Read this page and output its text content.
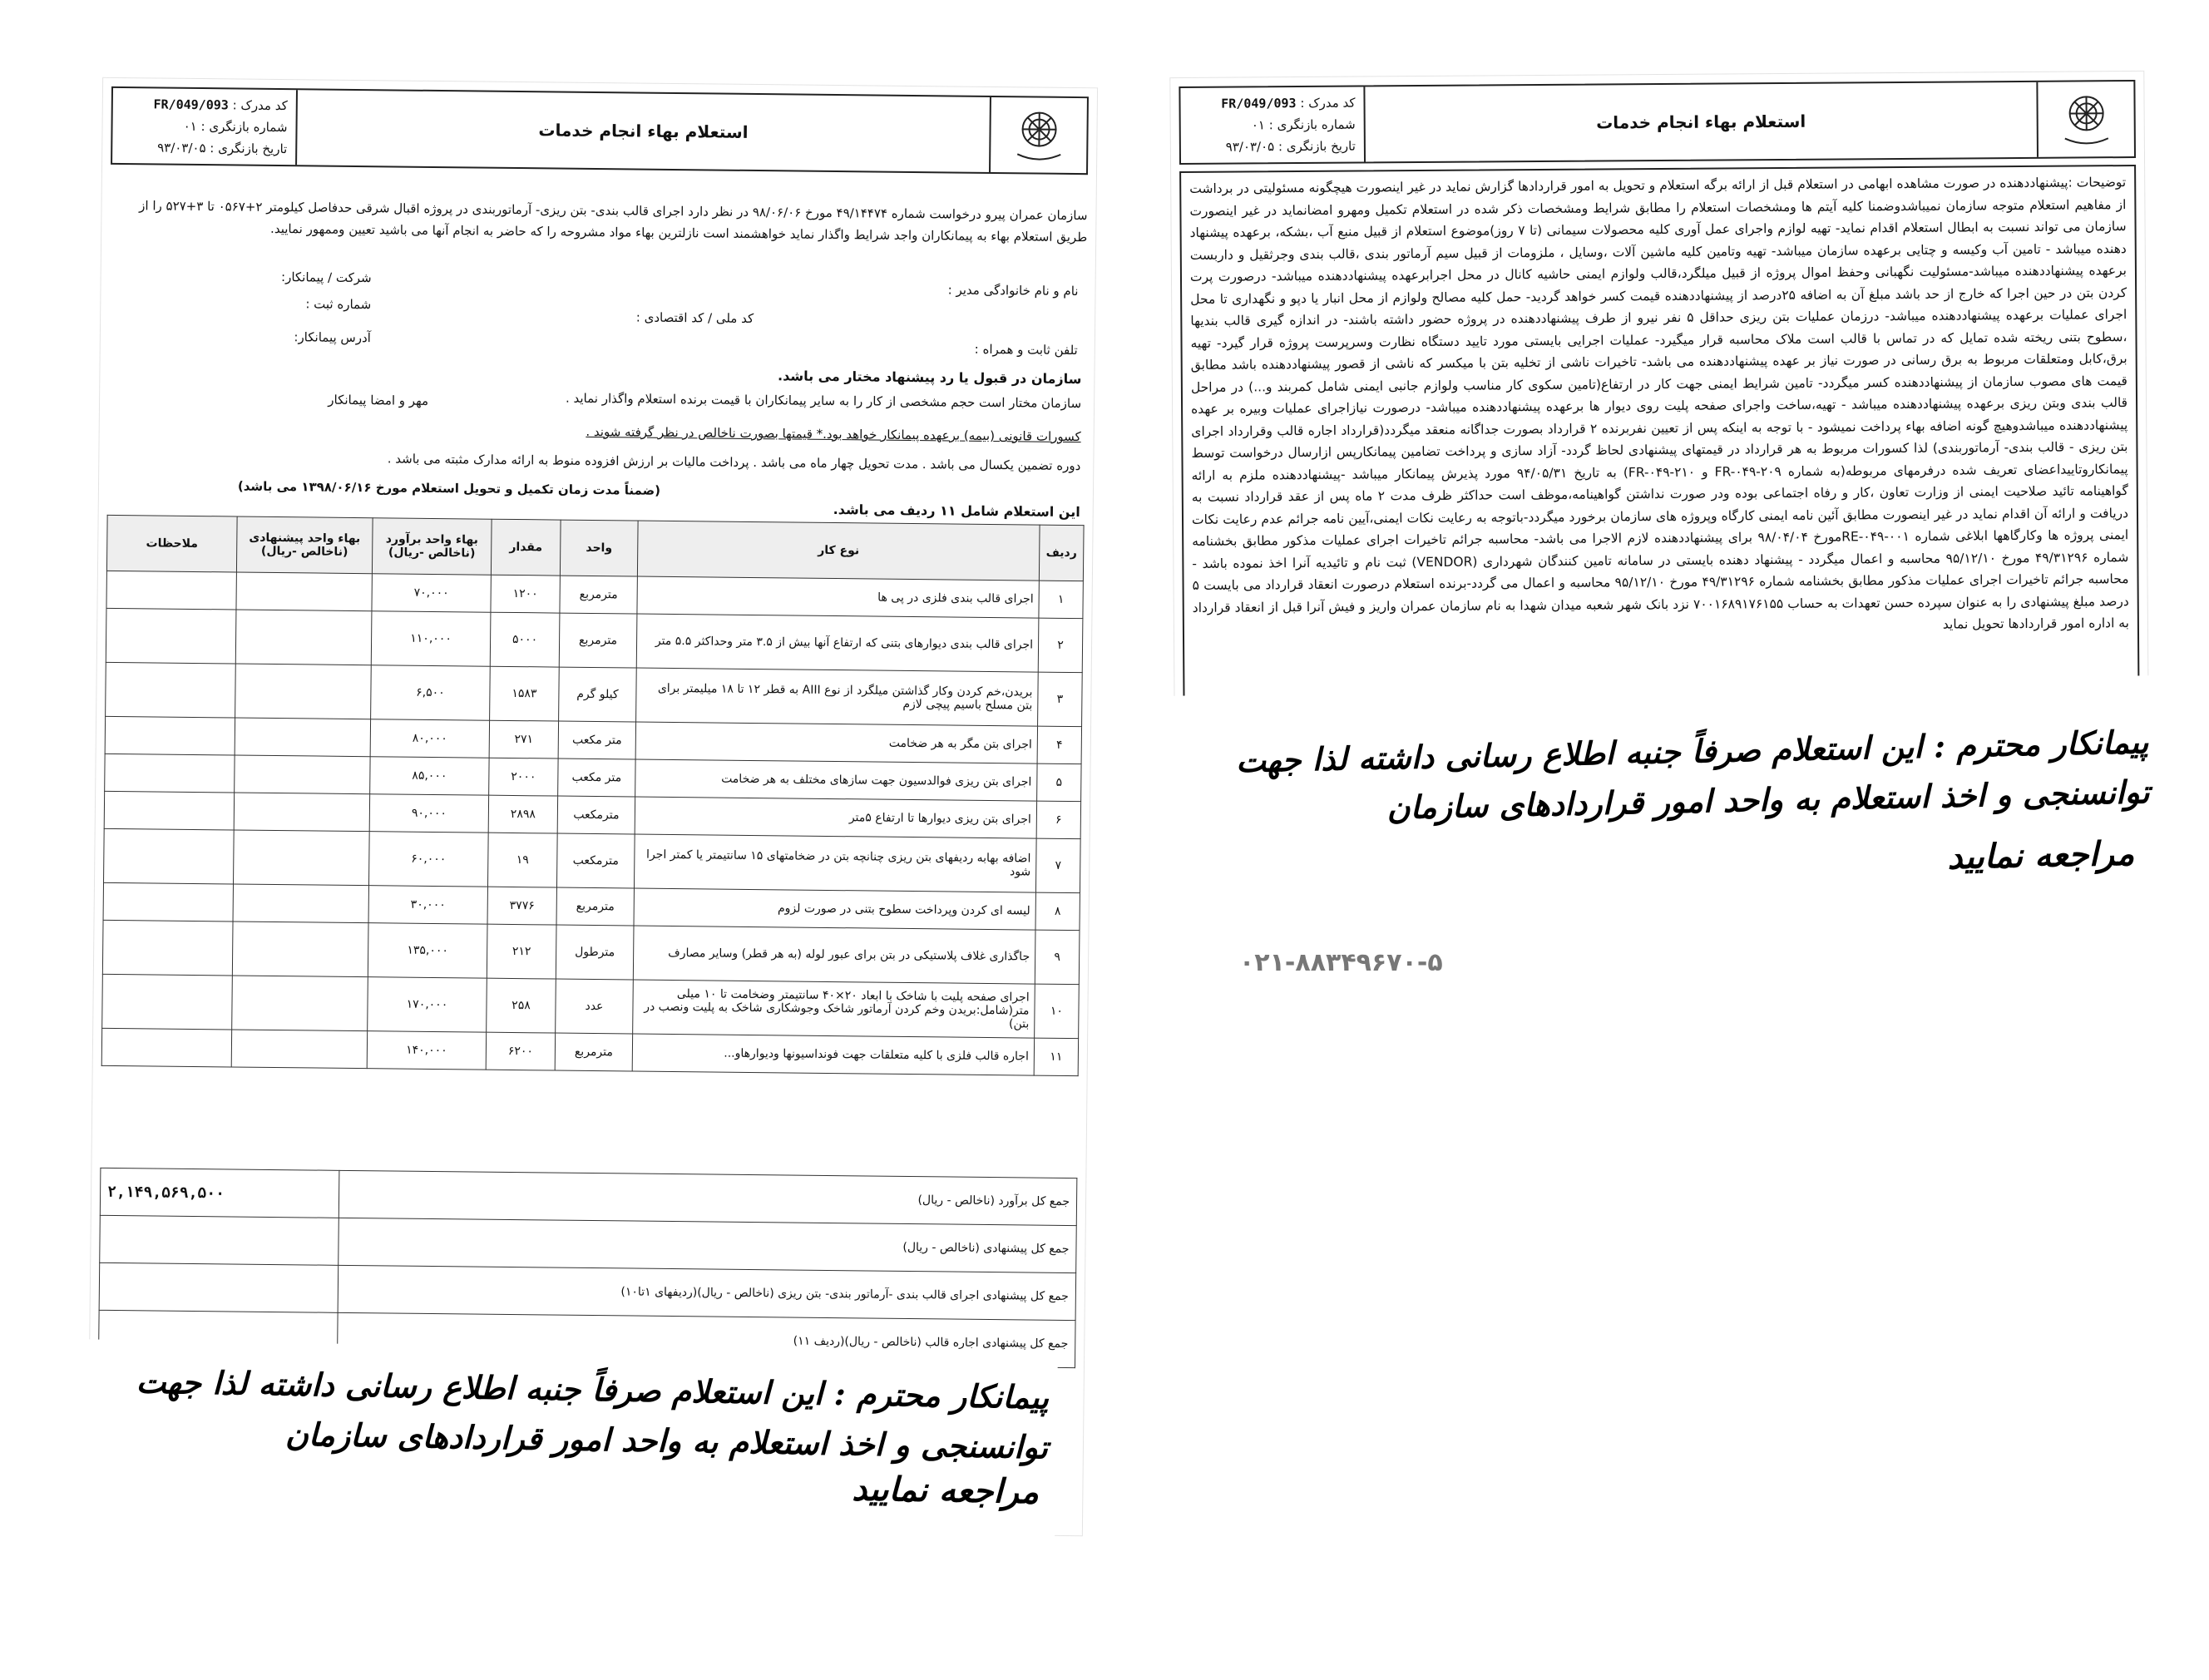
استعلام بهاء انجام خدمات
کد مدرک : FR/049/093
شماره بازنگری : ۰۱
تاریخ بازنگری : ۹۳/۰۳/۰۵
سازمان عمران پیرو درخواست شماره ۴۹/۱۴۴۷۴ مورخ ۹۸/۰۶/۰۶ در نظر دارد اجرای قالب بندی- بتن ریزی- آرماتوربندی در پروژه اقبال شرقی حدفاصل کیلومتر ۲+۰۵۶۷ تا ۳+۵۲۷ را از طریق استعلام بهاء به پیمانکاران واجد شرایط واگذار نماید خواهشمند است نازلترین بهاء مواد مشروحه را که حاضر به انجام آنها می باشید تعیین وممهور نمایید.
شرکت / پیمانکار:
نام و نام خانوادگی مدیر :
شماره ثبت :
کد ملی / کد اقتصادی :
آدرس پیمانکار:
تلفن ثابت و همراه :
سازمان در قبول یا رد پیشنهاد مختار می باشد.
سازمان مختار است حجم مشخصی از کار را به سایر پیمانکاران با قیمت برنده استعلام واگذار نماید .
مهر و امضا پیمانکار
کسورات قانونی (بیمه) برعهده پیمانکار خواهد بود.* قیمتها بصورت ناخالص در نظر گرفته شوند .
دوره تضمین یکسال می باشد . مدت تحویل چهار ماه می باشد . پرداخت مالیات بر ارزش افزوده منوط به ارائه مدارک مثبته می باشد .
(ضمناً مدت زمان تکمیل و تحویل استعلام مورخ ۱۳۹۸/۰۶/۱۶ می باشد)
این استعلام شامل ۱۱ ردیف می باشد.
ردیف	نوع کار	واحد	مقدار	بهاء واحد برآورد (ناخالص -ریال)	بهاء واحد پیشنهادی (ناخالص -ریال)	ملاحظات
۱	اجرای قالب بندی فلزی در پی ها	مترمربع	۱۲۰۰	۷۰,۰۰۰		
۲	اجرای قالب بندی دیوارهای بتنی که ارتفاع آنها بیش از ۳.۵ متر وحداکثر ۵.۵ متر	مترمربع	۵۰۰۰	۱۱۰,۰۰۰		
۳	بریدن،خم کردن وکار گذاشتن میلگرد از نوع AIII به قطر ۱۲ تا ۱۸ میلیمتر برای بتن مسلح باسیم پیچی لازم	کیلو گرم	۱۵۸۳	۶,۵۰۰		
۴	اجرای بتن مگر به هر ضخامت	متر مکعب	۲۷۱	۸۰,۰۰۰		
۵	اجرای بتن ریزی فوالدسیون جهت سازهای مختلف به هر ضخامت	متر مکعب	۲۰۰۰	۸۵,۰۰۰		
۶	اجرای بتن ریزی دیوارها تا ارتفاع ۵متر	مترمکعب	۲۸۹۸	۹۰,۰۰۰		
۷	اضافه بهابه ردیفهای بتن ریزی چنانچه بتن در ضخامتهای ۱۵ سانتیمتر یا کمتر اجرا شود	مترمکعب	۱۹	۶۰,۰۰۰		
۸	لیسه ای کردن وپرداخت سطوح بتنی در صورت لزوم	مترمربع	۳۷۷۶	۳۰,۰۰۰		
۹	جاگذاری غلاف پلاستیکی در بتن برای عبور لوله (به هر قطر) وسایر مصارف	مترطول	۲۱۲	۱۳۵,۰۰۰		
۱۰	اجرای صفحه پلیت با شاخک با ابعاد ۲۰×۴۰ سانتیمتر وضخامت تا ۱۰ میلی متر(شامل:بریدن وخم کردن آرماتور شاخک وجوشکاری شاخک به پلیت ونصب در بتن)	عدد	۲۵۸	۱۷۰,۰۰۰		
۱۱	اجاره قالب فلزی با کلیه متعلقات جهت فونداسیونها ودیوارهاو...	مترمربع	۶۲۰۰	۱۴۰,۰۰۰		
جمع کل برآورد (ناخالص - ریال)	۲,۱۴۹,۵۶۹,۵۰۰
جمع کل پیشنهادی (ناخالص - ریال)	
جمع کل پیشنهادی اجرای قالب بندی -آرماتور بندی- بتن ریزی (ناخالص - ریال)(ردیفهای ۱تا۱۰)	
جمع کل پیشنهادی اجاره قالب (ناخالص - ریال)(ردیف ۱۱)	
استعلام بهاء انجام خدمات
کد مدرک : FR/049/093
شماره بازنگری : ۰۱
تاریخ بازنگری : ۹۳/۰۳/۰۵
توضیحات :پیشنهاددهنده در صورت مشاهده ابهامی در استعلام قبل از ارائه برگه استعلام و تحویل به امور قراردادها گزارش نماید در غیر اینصورت هیچگونه مسئولیتی در برداشت از مفاهیم استعلام متوجه سازمان نمیباشدوضمنا کلیه آیتم ها ومشخصات استعلام را مطابق شرایط ومشخصات ذکر شده در استعلام تکمیل ومهرو امضانماید در غیر اینصورت سازمان می تواند نسبت به ابطال استعلام اقدام نماید- تهیه لوازم واجرای عمل آوری کلیه محصولات سیمانی (تا ۷ روز)موضوع استعلام از قبیل منبع آب ،بشکه، برعهده پیشنهاد دهنده میباشد - تامین آب وکیسه و چتایی برعهده سازمان میباشد- تهیه وتامین کلیه ماشین آلات ،وسایل ، ملزومات از قبیل سیم آرماتور بندی ،قالب بندی وجرثقیل و داربست برعهده پیشنهاددهنده میباشد-مسئولیت نگهبانی وحفظ اموال پروژه از قبیل میلگرد،قالب ولوازم ایمنی حاشیه کانال در محل اجرابرعهده پیشنهاددهنده میباشد- درصورت پرت کردن بتن در حین اجرا که خارج از حد باشد مبلغ آن به اضافه ۲۵درصد از پیشنهاددهنده قیمت کسر خواهد گردید- حمل کلیه مصالح ولوازم از محل انبار یا دپو و نگهداری تا محل اجرای عملیات برعهده پیشنهاددهنده میباشد- درزمان عملیات بتن ریزی حداقل ۵ نفر نیرو از طرف پیشنهاددهنده در پروژه حضور داشته باشند- در اندازه گیری قالب بندیها ،سطوح بتنی ریخته شده تمایل که در تماس با قالب است ملاک محاسبه قرار میگیرد- عملیات اجرایی بایستی مورد تایید دستگاه نظارت وسرپرست پروژه قرار گیرد- تهیه برق،کابل ومتعلقات مربوط به برق رسانی در صورت نیاز بر عهده پیشنهاددهنده می باشد- تاخیرات ناشی از تخلیه بتن با میکسر که ناشی از قصور پیشنهاددهنده باشد مطابق قیمت های مصوب سازمان از پیشنهاددهنده کسر میگردد- تامین شرایط ایمنی جهت کار در ارتفاع(تامین سکوی کار مناسب ولوازم جانبی ایمنی شامل کمربند و...) در مراحل قالب بندی وبتن ریزی برعهده پیشنهاددهنده میباشد - تهیه،ساخت واجرای صفحه پلیت روی دیوار ها برعهده پیشنهاددهنده میباشد- درصورت نیازاجرای عملیات وبیره بر عهده پیشنهاددهنده میباشدوهیچ گونه اضافه بهاء پرداخت نمیشود - با توجه به اینکه پس از تعیین نفربرنده ۲ قرارداد بصورت جداگانه منعقد میگردد(قرارداد اجاره قالب وقرارداد اجرای بتن ریزی - قالب بندی- آرماتوربندی) لذا کسورات مربوط به هر قرارداد در قیمتهای پیشنهادی لحاظ گردد- آزاد سازی و پرداخت تضامین پیمانکارپس ازارسال درخواست توسط پیمانکاروتاییداعضای تعریف شده درفرمهای مربوطه(به شماره FR-۰۴۹-۲۰۹ و FR-۰۴۹-۲۱۰) به تاریخ ۹۴/۰۵/۳۱ مورد پذیرش پیمانکار میباشد -پیشنهاددهنده ملزم به ارائه گواهینامه تائید صلاحیت ایمنی از وزارت تعاون ،کار و رفاه اجتماعی بوده ودر صورت نداشتن گواهینامه،موظف است حداکثر ظرف مدت ۲ ماه پس از عقد قرارداد نسبت به دریافت و ارائه آن اقدام نماید در غیر اینصورت مطابق آئین نامه ایمنی کارگاه وپروژه های سازمان برخورد میگردد-باتوجه به رعایت نکات ایمنی،آیین نامه جرائم عدم رعایت نکات ایمنی پروژه ها وکارگاهها ابلاغی شماره RE-۰۴۹-۰۰۱مورخ ۹۸/۰۴/۰۴ برای پیشنهاددهنده لازم الاجرا می باشد- محاسبه جرائم تاخیرات اجرای عملیات مذکور مطابق بخشنامه شماره ۴۹/۳۱۲۹۶ مورخ ۹۵/۱۲/۱۰ محاسبه و اعمال میگردد - پیشنهاد دهنده بایستی در سامانه تامین کنندگان شهرداری (VENDOR) ثبت نام و تائیدیه آنرا اخذ نموده باشد - محاسبه جرائم تاخیرات اجرای عملیات مذکور مطابق بخشنامه شماره ۴۹/۳۱۲۹۶ مورخ ۹۵/۱۲/۱۰ محاسبه و اعمال می گردد-برنده استعلام درصورت انعقاد قرارداد می بایست ۵ درصد مبلغ پیشنهادی را به عنوان سپرده حسن تعهدات به حساب ۷۰۰۱۶۸۹۱۷۶۱۵۵ نزد بانک شهر شعبه میدان شهدا به نام سازمان عمران واریز و فیش آنرا قبل از انعقاد قرارداد به اداره امور قراردادها تحویل نماید
۰۲۱-۸۸۳۴۹۶۷۰-۵
پیمانکار محترم : این استعلام صرفاً جنبه اطلاع رسانی داشته لذا جهت توانسنجی و اخذ استعلام به واحد امور قراردادهای سازمان
مراجعه نمایید
پیمانکار محترم : این استعلام صرفاً جنبه اطلاع رسانی داشته لذا جهت توانسنجی و اخذ استعلام به واحد امور قراردادهای سازمان
مراجعه نمایید
